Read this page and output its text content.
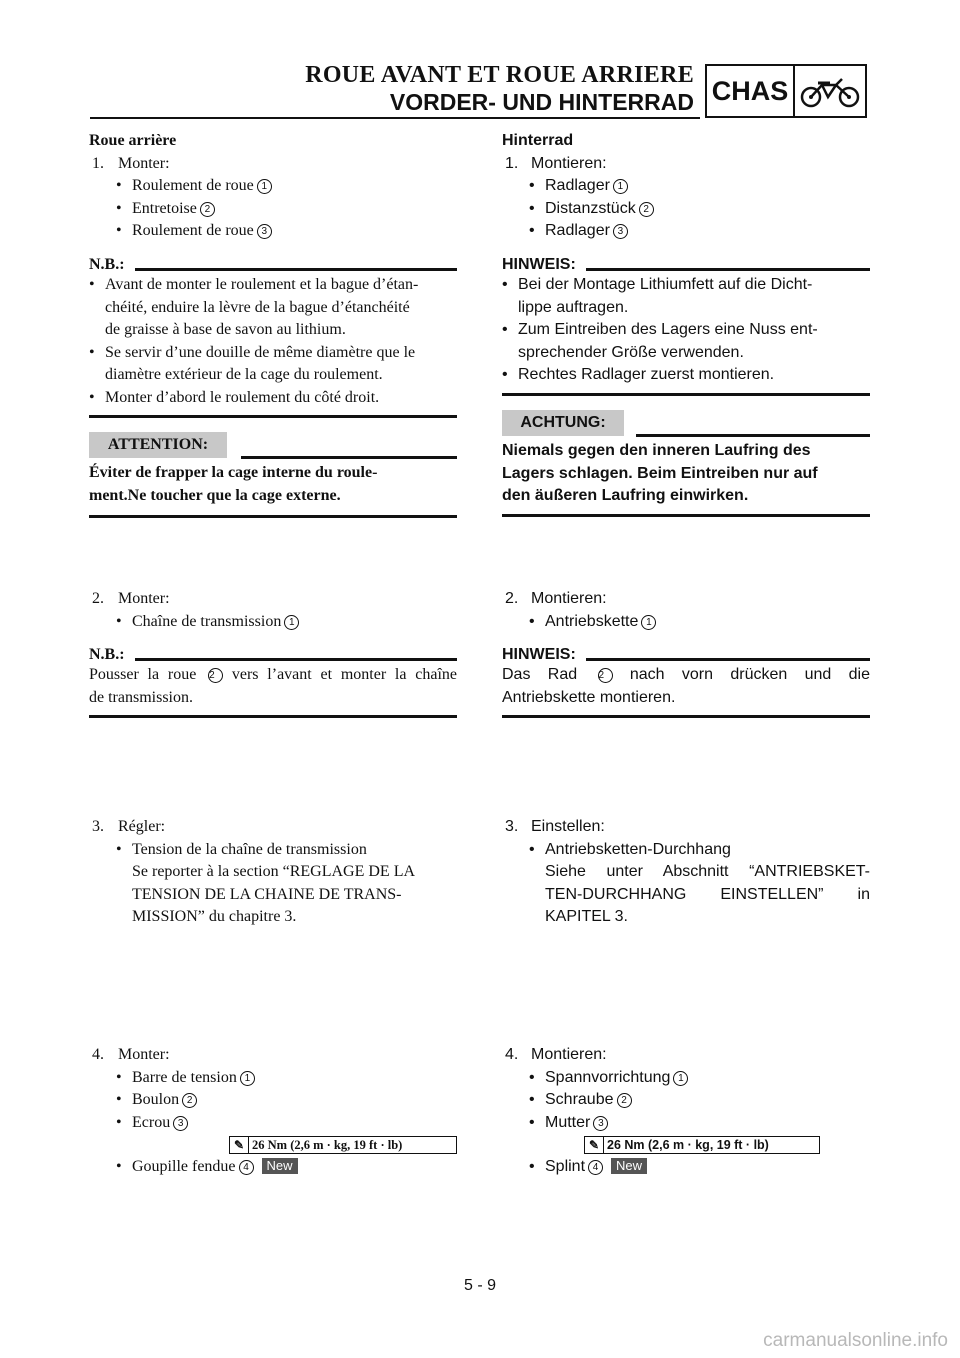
ROUE AVANT ET ROUE ARRIERE
VORDER- UND HINTERRAD CHAS
Roue arrière
1. Monter:
• Roulement de roue 1
• Entretoise 2
• Roulement de roue 3
N.B.:
• Avant de monter le roulement et la bague d’étan-
chéité, enduire la lèvre de la bague d’étanchéité
de graisse à base de savon au lithium.
• Se servir d’une douille de même diamètre que le
diamètre extérieur de la cage du roulement.
• Monter d’abord le roulement du côté droit.
ATTENTION:
Éviter de frapper la cage interne du roule-
ment.Ne toucher que la cage externe.
2. Monter:
• Chaîne de transmission 1
N.B.:
Pousser la roue 2 vers l’avant et monter la chaîne
de transmission.
3. Régler:
• Tension de la chaîne de transmission
Se reporter à la section “REGLAGE DE LA
TENSION DE LA CHAINE DE TRANS-
MISSION” du chapitre 3.
4. Monter:
• Barre de tension 1
• Boulon 2
• Ecrou 3
✎ 26 Nm (2,6 m · kg, 19 ft · lb)
• Goupille fendue 4 New
Hinterrad
1. Montieren:
• Radlager 1
• Distanzstück 2
• Radlager 3
HINWEIS:
• Bei der Montage Lithiumfett auf die Dicht-
lippe auftragen.
• Zum Eintreiben des Lagers eine Nuss ent-
sprechender Größe verwenden.
• Rechtes Radlager zuerst montieren.
ACHTUNG:
Niemals gegen den inneren Laufring des
Lagers schlagen. Beim Eintreiben nur auf
den äußeren Laufring einwirken.
2. Montieren:
• Antriebskette 1
HINWEIS:
Das Rad 2 nach vorn drücken und die
Antriebskette montieren.
3. Einstellen:
• Antriebsketten-Durchhang
Siehe unter Abschnitt “ANTRIEBSKET-
TEN-DURCHHANG EINSTELLEN” in
KAPITEL 3.
4. Montieren:
• Spannvorrichtung 1
• Schraube 2
• Mutter 3
✎ 26 Nm (2,6 m · kg, 19 ft · lb)
• Splint 4 New
5 - 9
carmanualsonline.info
